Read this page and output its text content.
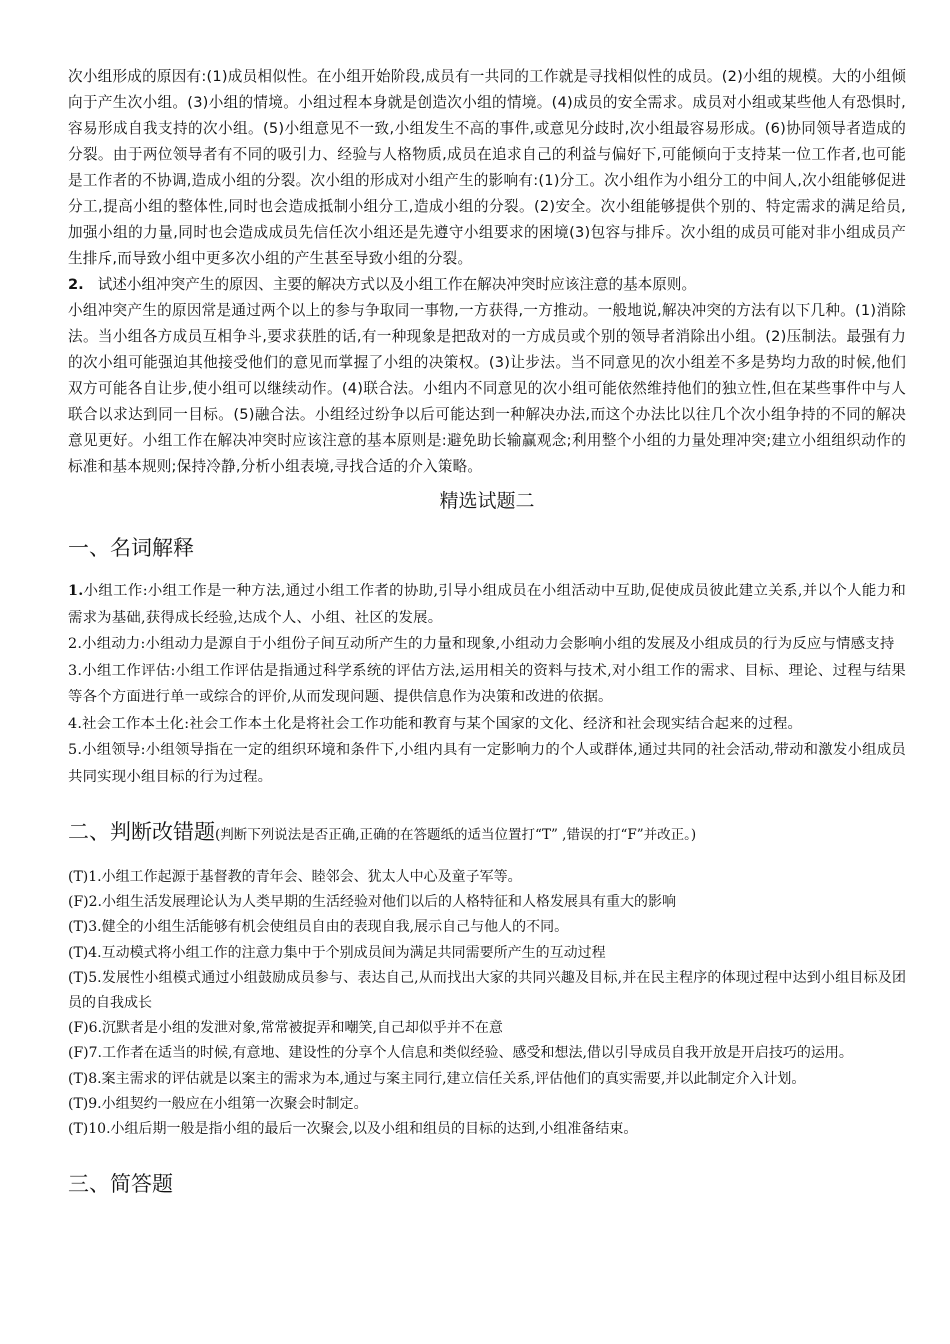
次小组形成的原因有:(1)成员相似性。在小组开始阶段,成员有一共同的工作就是寻找相似性的成员。(2)小组的规模。大的小组倾向于产生次小组。(3)小组的情境。小组过程本身就是创造次小组的情境。(4)成员的安全需求。成员对小组或某些他人有恐惧时,容易形成自我支持的次小组。(5)小组意见不一致,小组发生不高的事件,或意见分歧时,次小组最容易形成。(6)协同领导者造成的分裂。由于两位领导者有不同的吸引力、经验与人格物质,成员在追求自己的利益与偏好下,可能倾向于支持某一位工作者,也可能是工作者的不协调,造成小组的分裂。次小组的形成对小组产生的影响有:(1)分工。次小组作为小组分工的中间人,次小组能够促进分工,提高小组的整体性,同时也会造成抵制小组分工,造成小组的分裂。(2)安全。次小组能够提供个别的、特定需求的满足给员,加强小组的力量,同时也会造成成员先信任次小组还是先遵守小组要求的困境(3)包容与排斥。次小组的成员可能对非小组成员产生排斥,而导致小组中更多次小组的产生甚至导致小组的分裂。

2. 试述小组冲突产生的原因、主要的解决方式以及小组工作在解决冲突时应该注意的基本原则。

小组冲突产生的原因常是通过两个以上的参与争取同一事物,一方获得,一方推动。一般地说,解决冲突的方法有以下几种。(1)消除法。当小组各方成员互相争斗,要求获胜的话,有一种现象是把敌对的一方成员或个别的领导者消除出小组。(2)压制法。最强有力的次小组可能强迫其他接受他们的意见而掌握了小组的决策权。(3)让步法。当不同意见的次小组差不多是势均力敌的时候,他们双方可能各自让步,使小组可以继续动作。(4)联合法。小组内不同意见的次小组可能依然维持他们的独立性,但在某些事件中与人联合以求达到同一目标。(5)融合法。小组经过纷争以后可能达到一种解决办法,而这个办法比以往几个次小组争持的不同的解决意见更好。小组工作在解决冲突时应该注意的基本原则是:避免助长输赢观念;利用整个小组的力量处理冲突;建立小组组织动作的标准和基本规则;保持冷静,分析小组表境,寻找合适的介入策略。

精选试题二
一、名词解释

1.小组工作:小组工作是一种方法,通过小组工作者的协助,引导小组成员在小组活动中互助,促使成员彼此建立关系,并以个人能力和需求为基础,获得成长经验,达成个人、小组、社区的发展。

2.小组动力:小组动力是源自于小组份子间互动所产生的力量和现象,小组动力会影响小组的发展及小组成员的行为反应与情感支持

3.小组工作评估:小组工作评估是指通过科学系统的评估方法,运用相关的资料与技术,对小组工作的需求、目标、理论、过程与结果等各个方面进行单一或综合的评价,从而发现问题、提供信息作为决策和改进的依据。

4.社会工作本土化:社会工作本土化是将社会工作功能和教育与某个国家的文化、经济和社会现实结合起来的过程。

5.小组领导:小组领导指在一定的组织环境和条件下,小组内具有一定影响力的个人或群体,通过共同的社会活动,带动和激发小组成员共同实现小组目标的行为过程。

二、判断改错题(判断下列说法是否正确,正确的在答题纸的适当位置打“T” ,错误的打“F”并改正。)

(T)1.小组工作起源于基督教的青年会、睦邻会、犹太人中心及童子军等。

(F)2.小组生活发展理论认为人类早期的生活经验对他们以后的人格特征和人格发展具有重大的影响

(T)3.健全的小组生活能够有机会使组员自由的表现自我,展示自己与他人的不同。

(T)4.互动模式将小组工作的注意力集中于个别成员间为满足共同需要所产生的互动过程

(T)5.发展性小组模式通过小组鼓励成员参与、表达自己,从而找出大家的共同兴趣及目标,并在民主程序的体现过程中达到小组目标及团员的自我成长

(F)6.沉默者是小组的发泄对象,常常被捉弄和嘲笑,自己却似乎并不在意

(F)7.工作者在适当的时候,有意地、建设性的分享个人信息和类似经验、感受和想法,借以引导成员自我开放是开启技巧的运用。

(T)8.案主需求的评估就是以案主的需求为本,通过与案主同行,建立信任关系,评估他们的真实需要,并以此制定介入计划。

(T)9.小组契约一般应在小组第一次聚会时制定。

(T)10.小组后期一般是指小组的最后一次聚会,以及小组和组员的目标的达到,小组准备结束。

三、简答题
